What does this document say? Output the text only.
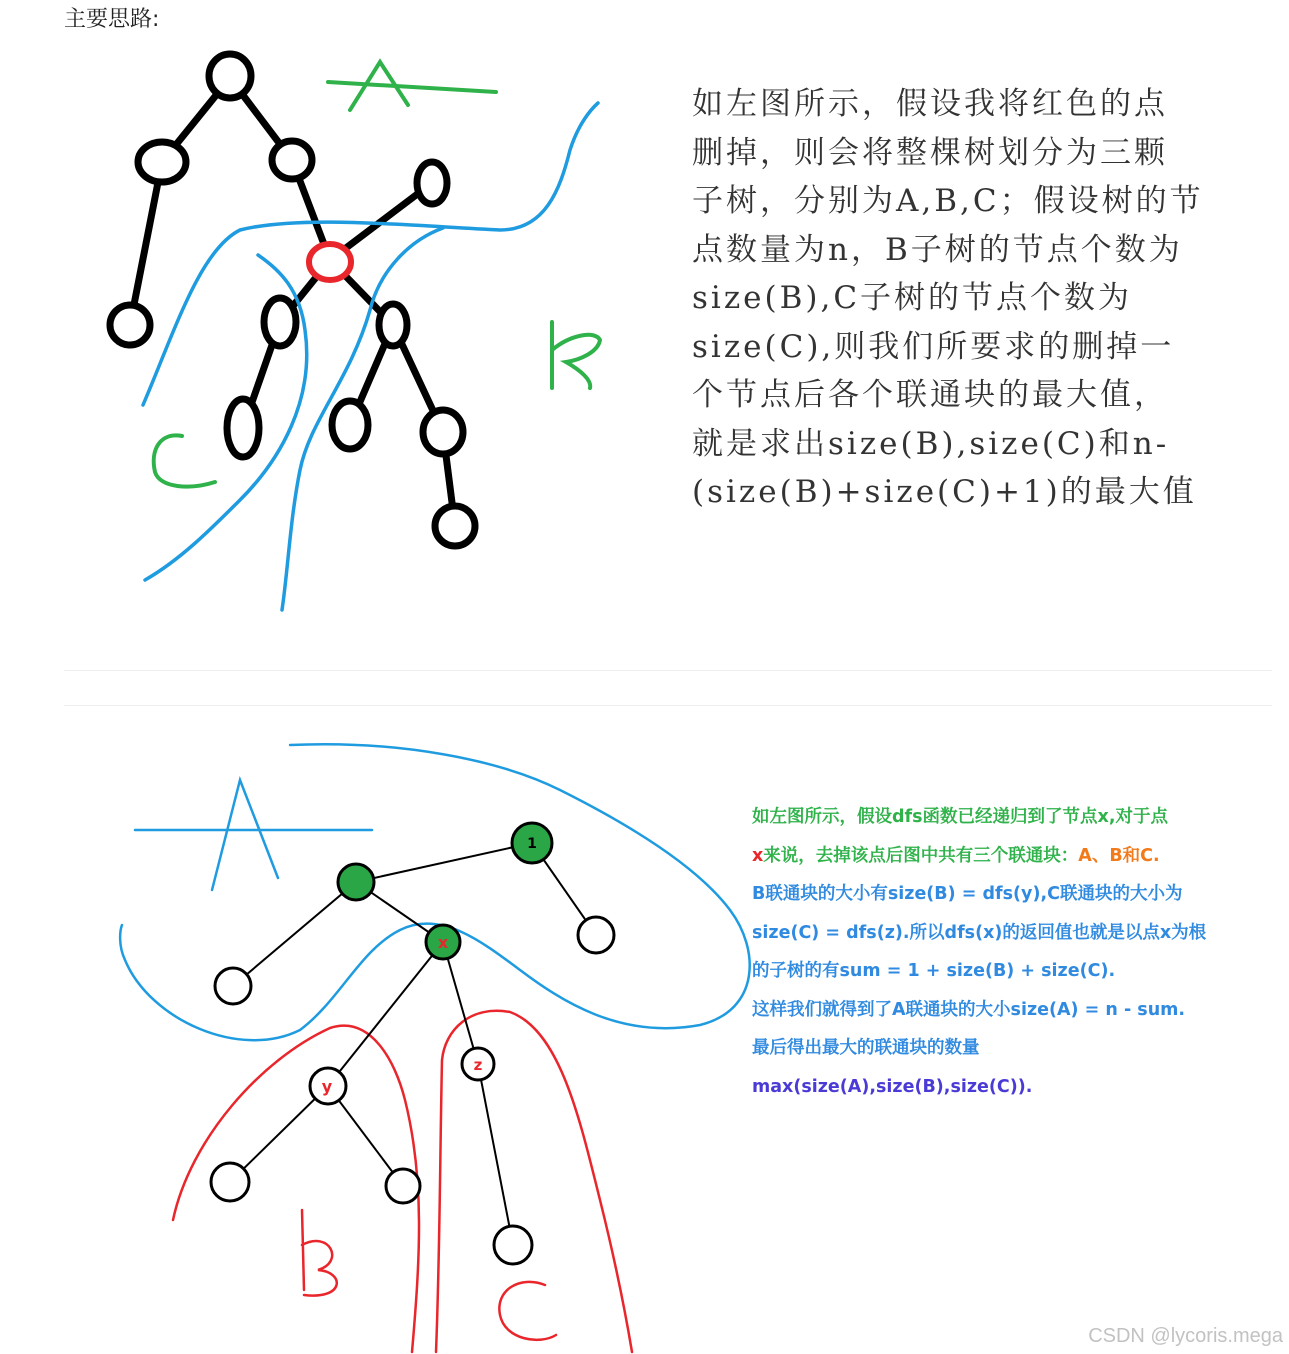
主要思路:

如左图所示，假设我将红色的点

删掉，则会将整棵树划分为三颗

子树，分别为A,B,C；假设树的节

点数量为n，B子树的节点个数为

size(B),C子树的节点个数为

size(C),则我们所要求的删掉一

个节点后各个联通块的最大值，

就是求出size(B),size(C)和n-

(size(B)+size(C)+1)的最大值

1
x
y
z

如左图所示，假设dfs函数已经递归到了节点x,对于点

x来说，去掉该点后图中共有三个联通块：A、B和C.

B联通块的大小有size(B) = dfs(y),C联通块的大小为

size(C) = dfs(z).所以dfs(x)的返回值也就是以点x为根

的子树的有sum = 1 + size(B) + size(C).

这样我们就得到了A联通块的大小size(A) = n - sum.

最后得出最大的联通块的数量

max(size(A),size(B),size(C)).

CSDN @lycoris.mega
